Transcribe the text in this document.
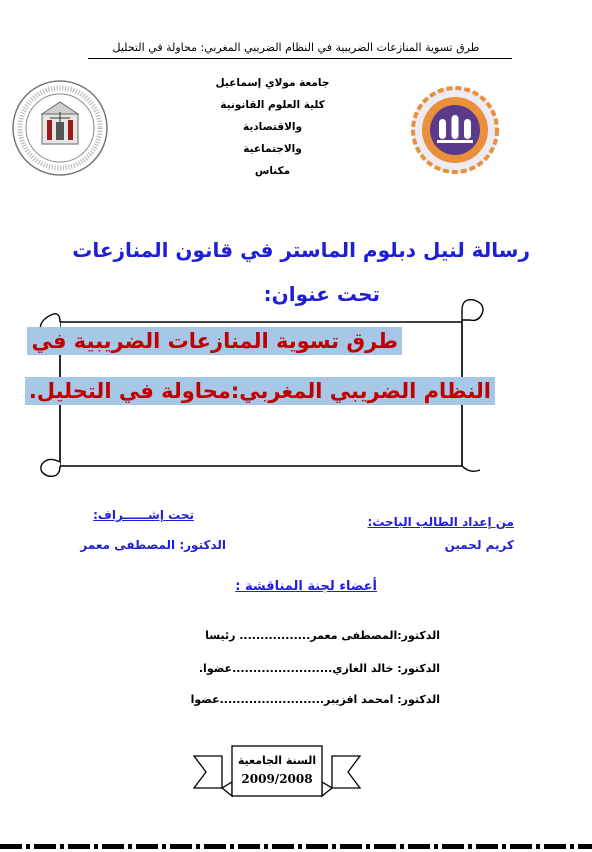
طرق تسوية المنازعات الضريبية في النظام الضريبي المغربي: محاولة في التحليل
جامعة مولاي إسماعيل
كلية العلوم القانونية والاقتصادية
والاجتماعية
مكناس
رسالة لنيل دبلوم الماستر في قانون المنازعات
تحت عنوان:
طرق تسوية المنازعات الضريبية في
النظام الضريبي المغربي:محاولة في التحليل.
تحت إشــــــراف:
الدكتور: المصطفى معمر
من إعداد الطالب الباحث:
كريم لحمين
أعضاء لجنة المناقشة :
الدكتور:المصطفى معمر................. رئيسا
الدكتور: خالد الغازي........................عضوا.
الدكتور: امحمد اقزيبر.........................عضوا
السنة الجامعية
2009/2008
